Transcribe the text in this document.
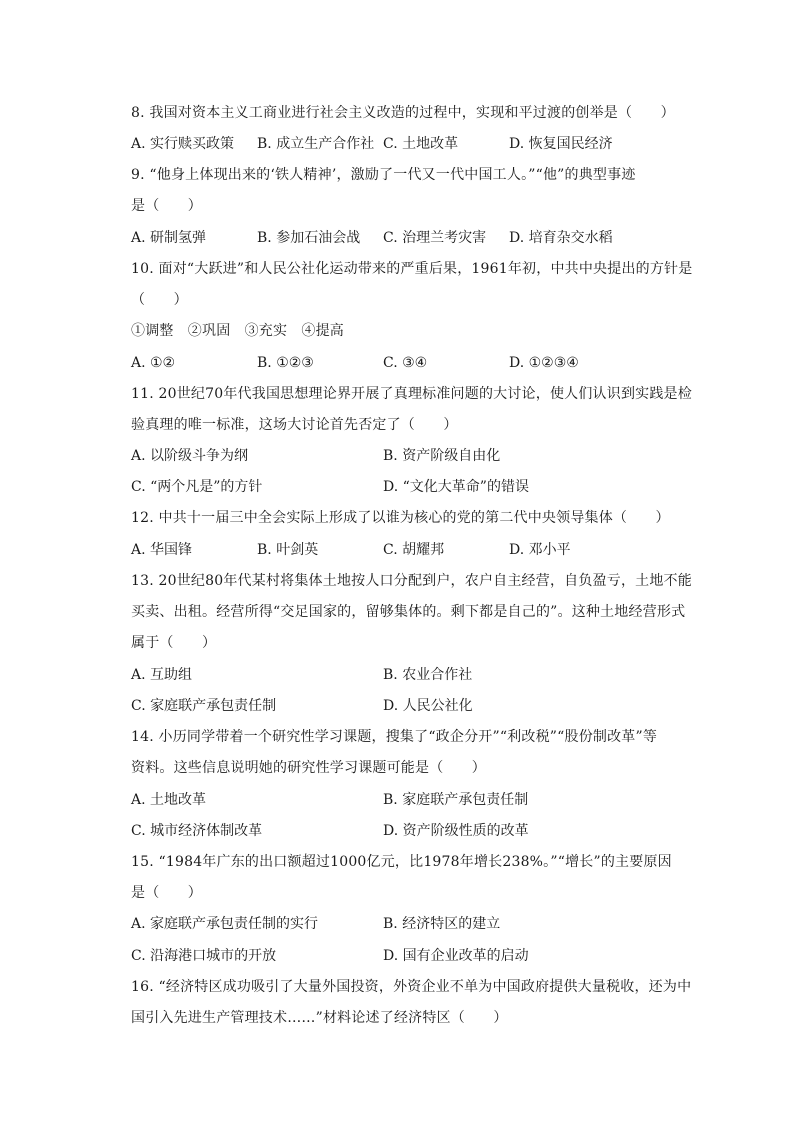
8. 我国对资本主义工商业进行社会主义改造的过程中，实现和平过渡的创举是（　　）
A. 实行赎买政策 B. 成立生产合作社 C. 土地改革	D. 恢复国民经济
9. “他身上体现出来的‘铁人精神’，激励了一代又一代中国工人。”“他”的典型事迹
是（　　）
A. 研制氢弹	B. 参加石油会战 C. 治理兰考灾害 D. 培育杂交水稻
10. 面对“大跃进”和人民公社化运动带来的严重后果，1961年初，中共中央提出的方针是
（　　）
①调整　②巩固　③充实　④提高
A. ①②	B. ①②③	C. ③④	D. ①②③④
11. 20世纪70年代我国思想理论界开展了真理标准问题的大讨论，使人们认识到实践是检
验真理的唯一标准，这场大讨论首先否定了（　　）
A. 以阶级斗争为纲	B. 资产阶级自由化
C. “两个凡是”的方针	D. “文化大革命”的错误
12. 中共十一届三中全会实际上形成了以谁为核心的党的第二代中央领导集体（　　）
A. 华国锋	B. 叶剑英	C. 胡耀邦	D. 邓小平
13. 20世纪80年代某村将集体土地按人口分配到户，农户自主经营，自负盈亏，土地不能
买卖、出租。经营所得“交足国家的，留够集体的。剩下都是自己的”。这种土地经营形式
属于（　　）
A. 互助组	B. 农业合作社
C. 家庭联产承包责任制	D. 人民公社化
14. 小历同学带着一个研究性学习课题，搜集了“政企分开”“利改税”“股份制改革”等
资料。这些信息说明她的研究性学习课题可能是（　　）
A. 土地改革	B. 家庭联产承包责任制
C. 城市经济体制改革	D. 资产阶级性质的改革
15. “1984年广东的出口额超过1000亿元，比1978年增长238%。”“增长”的主要原因
是（　　）
A. 家庭联产承包责任制的实行	B. 经济特区的建立
C. 沿海港口城市的开放	D. 国有企业改革的启动
16. “经济特区成功吸引了大量外国投资，外资企业不单为中国政府提供大量税收，还为中
国引入先进生产管理技术……”材料论述了经济特区（　　）
